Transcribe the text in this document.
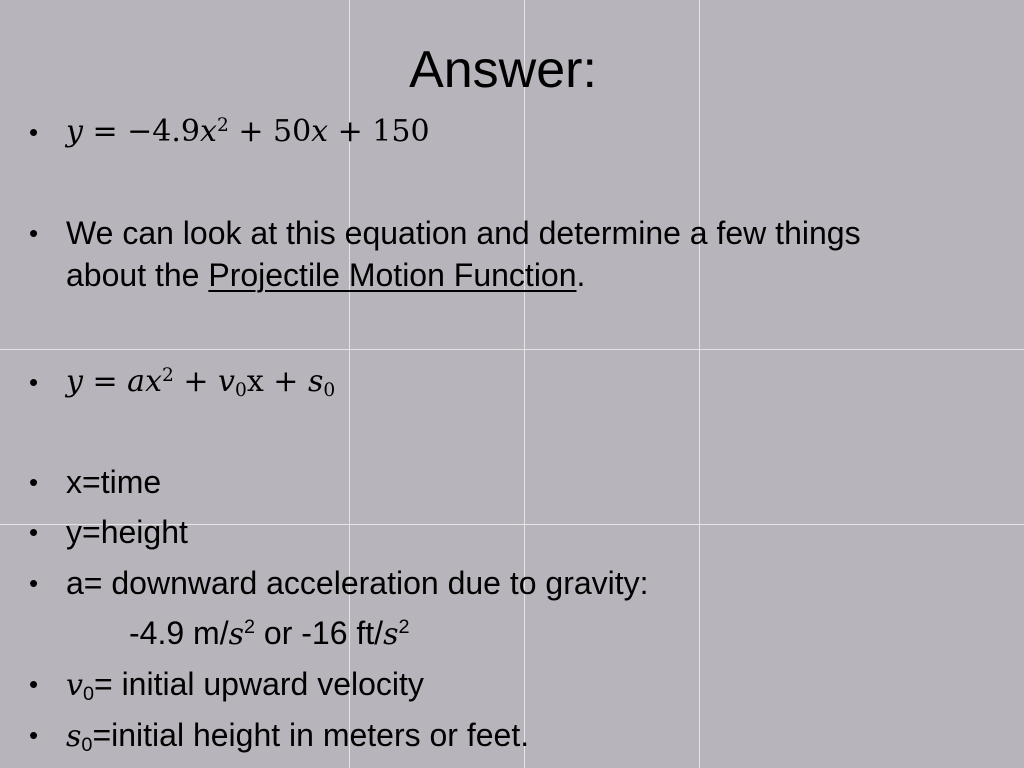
Answer:
• $y = -4.9x^2 + 50x + 150$
• We can look at this equation and determine a few things
about the Projectile Motion Function.
• $y = ax^2 + v_0x + s_0$
• x=time
• y=height
• a= downward acceleration due to gravity:
-4.9 $m/s^2$ or -16 $ft/s^2$
• $v_0=$ initial upward velocity
• $s_0=initial$ height in meters or feet.
